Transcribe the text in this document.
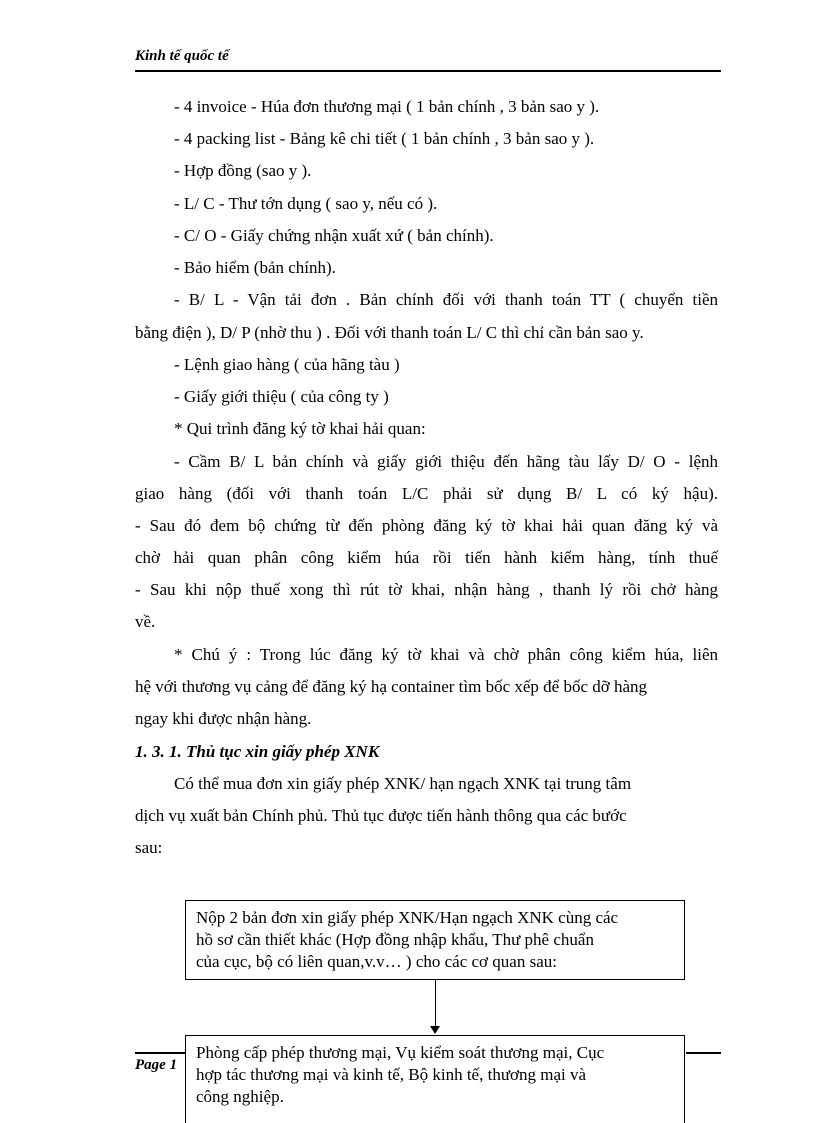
Kinh tế quốc tế
- 4 invoice - Húa đơn thương mại ( 1 bản chính , 3 bản sao y ).
- 4 packing list - Bảng kê chi tiết ( 1 bản chính , 3 bản sao y ).
- Hợp đồng (sao y ).
- L/ C - Thư tớn dụng ( sao y, nếu có ).
- C/ O - Giấy chứng nhận xuất xứ ( bản chính).
- Bảo hiểm (bản chính).
- B/ L - Vận tải đơn . Bản chính đối với thanh toán TT ( chuyển tiền
bằng điện ), D/ P (nhờ thu ) . Đối với thanh toán L/ C thì chỉ cần bản sao y.
- Lệnh giao hàng ( của hãng tàu )
- Giấy giới thiệu ( của công ty )
* Qui trình đăng ký tờ khai hải quan:
- Cầm B/ L bản chính và giấy giới thiệu đến hãng tàu lấy D/ O - lệnh
giao hàng (đối với thanh toán L/C phải sử dụng B/ L có ký hậu).
- Sau đó đem bộ chứng từ đến phòng đăng ký tờ khai hải quan đăng ký và
chờ hải quan phân công kiểm húa rồi tiến hành kiểm hàng, tính thuế
- Sau khi nộp thuế xong thì rút tờ khai, nhận hàng , thanh lý rồi chở hàng
về.
* Chú ý : Trong lúc đăng ký tờ khai và chờ phân công kiểm húa, liên
hệ với thương vụ cảng để đăng ký hạ container tìm bốc xếp để bốc dỡ hàng
ngay khi được nhận hàng.
1. 3. 1. Thủ tục xin giấy phép XNK
Có thể mua đơn xin giấy phép XNK/ hạn ngạch XNK tại trung tâm
dịch vụ xuất bản Chính phủ. Thủ tục được tiến hành thông qua các bước
sau:
Nộp 2 bản đơn xin giấy phép XNK/Hạn ngạch XNK cùng các
hồ sơ cần thiết khác (Hợp đồng nhập khẩu, Thư phê chuẩn
của cục, bộ có liên quan,v.v… ) cho các cơ quan sau:
Page 1
Phòng cấp phép thương mại, Vụ kiểm soát thương mại, Cục
hợp tác thương mại và kinh tế, Bộ kinh tế, thương mại và
công nghiệp.
